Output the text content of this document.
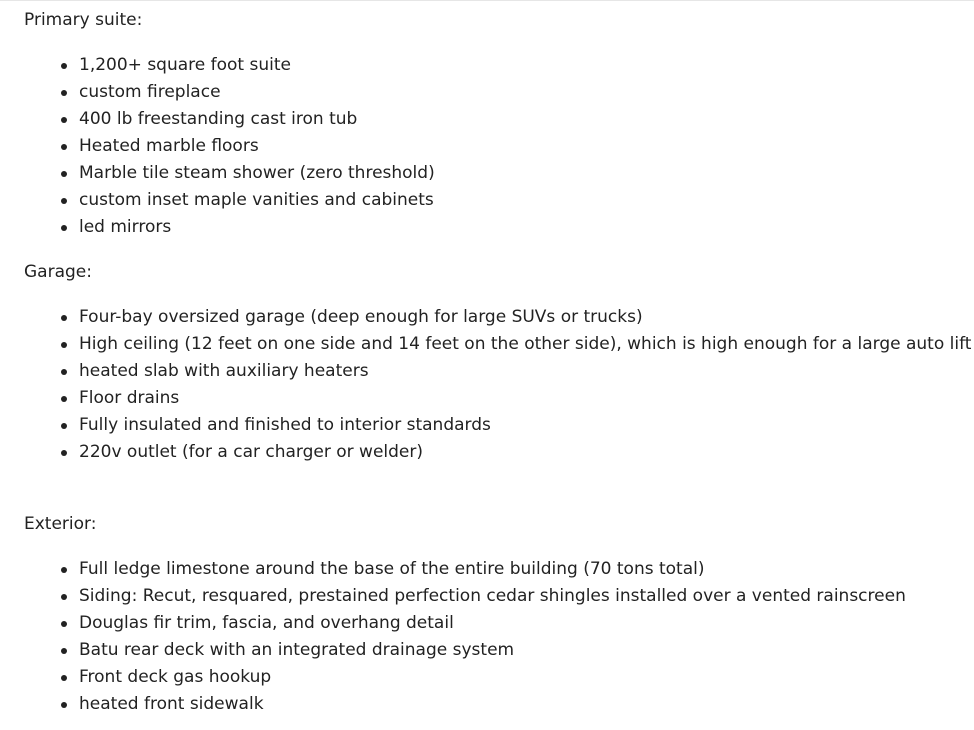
Primary suite:

1,200+ square foot suite
custom fireplace
400 lb freestanding cast iron tub
Heated marble floors
Marble tile steam shower (zero threshold)
custom inset maple vanities and cabinets
led mirrors

Garage:

Four-bay oversized garage (deep enough for large SUVs or trucks)
High ceiling (12 feet on one side and 14 feet on the other side), which is high enough for a large auto lift
heated slab with auxiliary heaters
Floor drains
Fully insulated and finished to interior standards
220v outlet (for a car charger or welder)

Exterior:

Full ledge limestone around the base of the entire building (70 tons total)
Siding: Recut, resquared, prestained perfection cedar shingles installed over a vented rainscreen
Douglas fir trim, fascia, and overhang detail
Batu rear deck with an integrated drainage system
Front deck gas hookup
heated front sidewalk
